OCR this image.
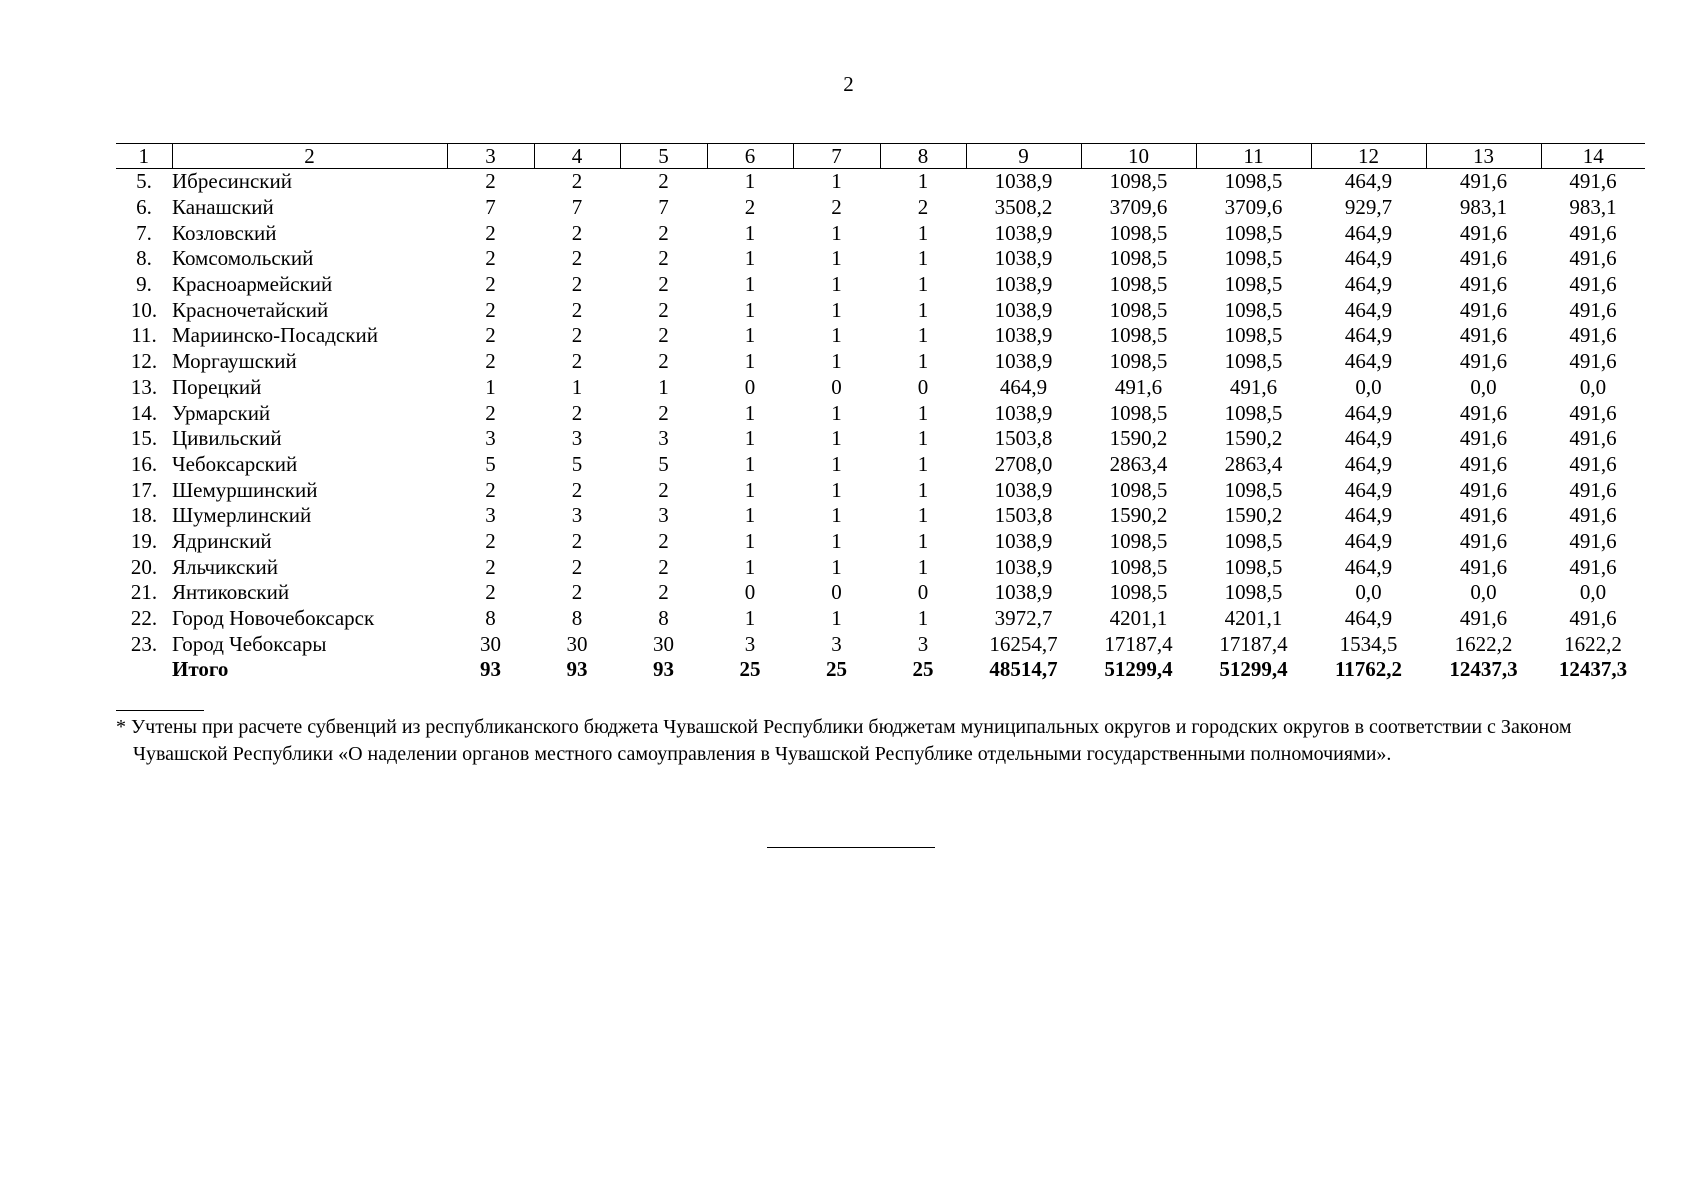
2
1	2	3	4	5	6	7	8	9	10	11	12	13	14
5.	Ибресинский	2	2	2	1	1	1	1038,9	1098,5	1098,5	464,9	491,6	491,6
6.	Канашский	7	7	7	2	2	2	3508,2	3709,6	3709,6	929,7	983,1	983,1
7.	Козловский	2	2	2	1	1	1	1038,9	1098,5	1098,5	464,9	491,6	491,6
8.	Комсомольский	2	2	2	1	1	1	1038,9	1098,5	1098,5	464,9	491,6	491,6
9.	Красноармейский	2	2	2	1	1	1	1038,9	1098,5	1098,5	464,9	491,6	491,6
10.	Красночетайский	2	2	2	1	1	1	1038,9	1098,5	1098,5	464,9	491,6	491,6
11.	Мариинско-Посадский	2	2	2	1	1	1	1038,9	1098,5	1098,5	464,9	491,6	491,6
12.	Моргаушский	2	2	2	1	1	1	1038,9	1098,5	1098,5	464,9	491,6	491,6
13.	Порецкий	1	1	1	0	0	0	464,9	491,6	491,6	0,0	0,0	0,0
14.	Урмарский	2	2	2	1	1	1	1038,9	1098,5	1098,5	464,9	491,6	491,6
15.	Цивильский	3	3	3	1	1	1	1503,8	1590,2	1590,2	464,9	491,6	491,6
16.	Чебоксарский	5	5	5	1	1	1	2708,0	2863,4	2863,4	464,9	491,6	491,6
17.	Шемуршинский	2	2	2	1	1	1	1038,9	1098,5	1098,5	464,9	491,6	491,6
18.	Шумерлинский	3	3	3	1	1	1	1503,8	1590,2	1590,2	464,9	491,6	491,6
19.	Ядринский	2	2	2	1	1	1	1038,9	1098,5	1098,5	464,9	491,6	491,6
20.	Яльчикский	2	2	2	1	1	1	1038,9	1098,5	1098,5	464,9	491,6	491,6
21.	Янтиковский	2	2	2	0	0	0	1038,9	1098,5	1098,5	0,0	0,0	0,0
22.	Город Новочебоксарск	8	8	8	1	1	1	3972,7	4201,1	4201,1	464,9	491,6	491,6
23.	Город Чебоксары	30	30	30	3	3	3	16254,7	17187,4	17187,4	1534,5	1622,2	1622,2
	Итого	93	93	93	25	25	25	48514,7	51299,4	51299,4	11762,2	12437,3	12437,3
* Учтены при расчете субвенций из республиканского бюджета Чувашской Республики бюджетам муниципальных округов и городских округов в соответствии с Законом Чувашской Республики «О наделении органов местного самоуправления в Чувашской Республике отдельными государственными полномочиями».
